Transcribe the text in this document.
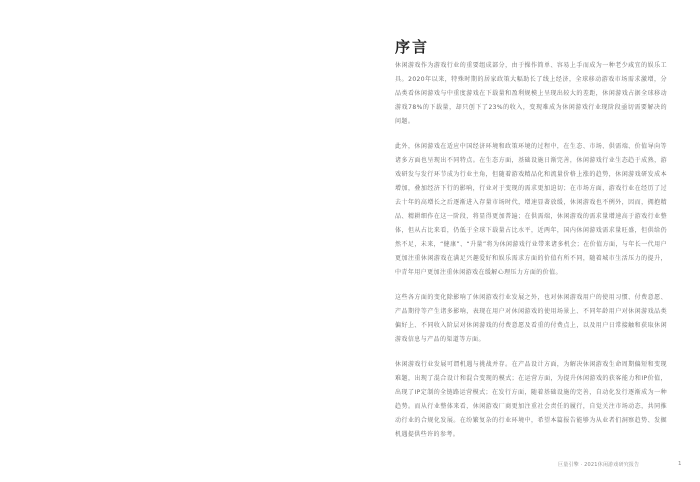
序言

休闲游戏作为游戏行业的重要组成部分，由于操作简单、容易上手而成为一种老少咸宜的娱乐工具。2020年以来，特殊时期的居家政策大幅助长了线上经济，全球移动游戏市场需求激增，分品类看休闲游戏与中重度游戏在下载量和盈利规模上呈现出较大的差距，休闲游戏占据全球移动游戏78%的下载量，却只创下了23%的收入，变现难成为休闲游戏行业现阶段亟切需要解决的问题。

此外，休闲游戏在适应中国经济环境和政策环境的过程中，在生态、市场、供需端、价值导向等诸多方面也呈现出不同特点。在生态方面，基础设施日渐完善，休闲游戏行业生态趋于成熟，游戏研发与发行环节成为行业主角，但随着游戏精品化和流量价格上涨的趋势，休闲游戏研发成本增加，叠加经济下行的影响，行业对于变现的需求更加迫切；在市场方面，游戏行业在经历了过去十年的高增长之后逐渐进入存量市场时代，增速显著放缓，休闲游戏也不例外，因而，拥抱精品、精耕细作在这一阶段，将显得更加普遍；在供需端，休闲游戏的需求量增速高于游戏行业整体，但从占比来看，仍低于全球下载量占比水平，近两年，国内休闲游戏需求量旺盛，但供给仍然不足，未来，“健康”、“升量”将为休闲游戏行业带来诸多机会；在价值方面，与年长一代用户更加注重休闲游戏在满足兴趣爱好和娱乐需求方面的价值有所不同，随着城市生活压力的提升，中青年用户更加注重休闲游戏在缓解心理压力方面的价值。

这些各方面的变化除影响了休闲游戏行业发展之外，也对休闲游戏用户的使用习惯、付费意愿、产品期待等产生诸多影响，表现在用户对休闲游戏的使用场景上、不同年龄用户对休闲游戏品类偏好上、不同收入阶层对休闲游戏的付费意愿及看重的付费点上，以及用户日常接触和获取休闲游戏信息与产品的渠道等方面。

休闲游戏行业发展可谓机遇与挑战并存。在产品设计方面，为解决休闲游戏生命周期偏短和变现难题，出现了混合设计和混合变现的模式；在运营方面，为提升休闲游戏的获客能力和IP价值，出现了IP定制的全链路运营模式；在发行方面，随着基础设施的完善，自动化发行逐渐成为一种趋势。而从行业整体来看，休闲游戏厂商更加注重社会责任的履行，自觉关注市场动态，共同推动行业的合规化发展。在纷繁复杂的行业环境中，希望本篇报告能够为从业者们洞察趋势、发掘机遇提供些许的参考。

巨量引擎 · 2021休闲游戏研究报告	1
